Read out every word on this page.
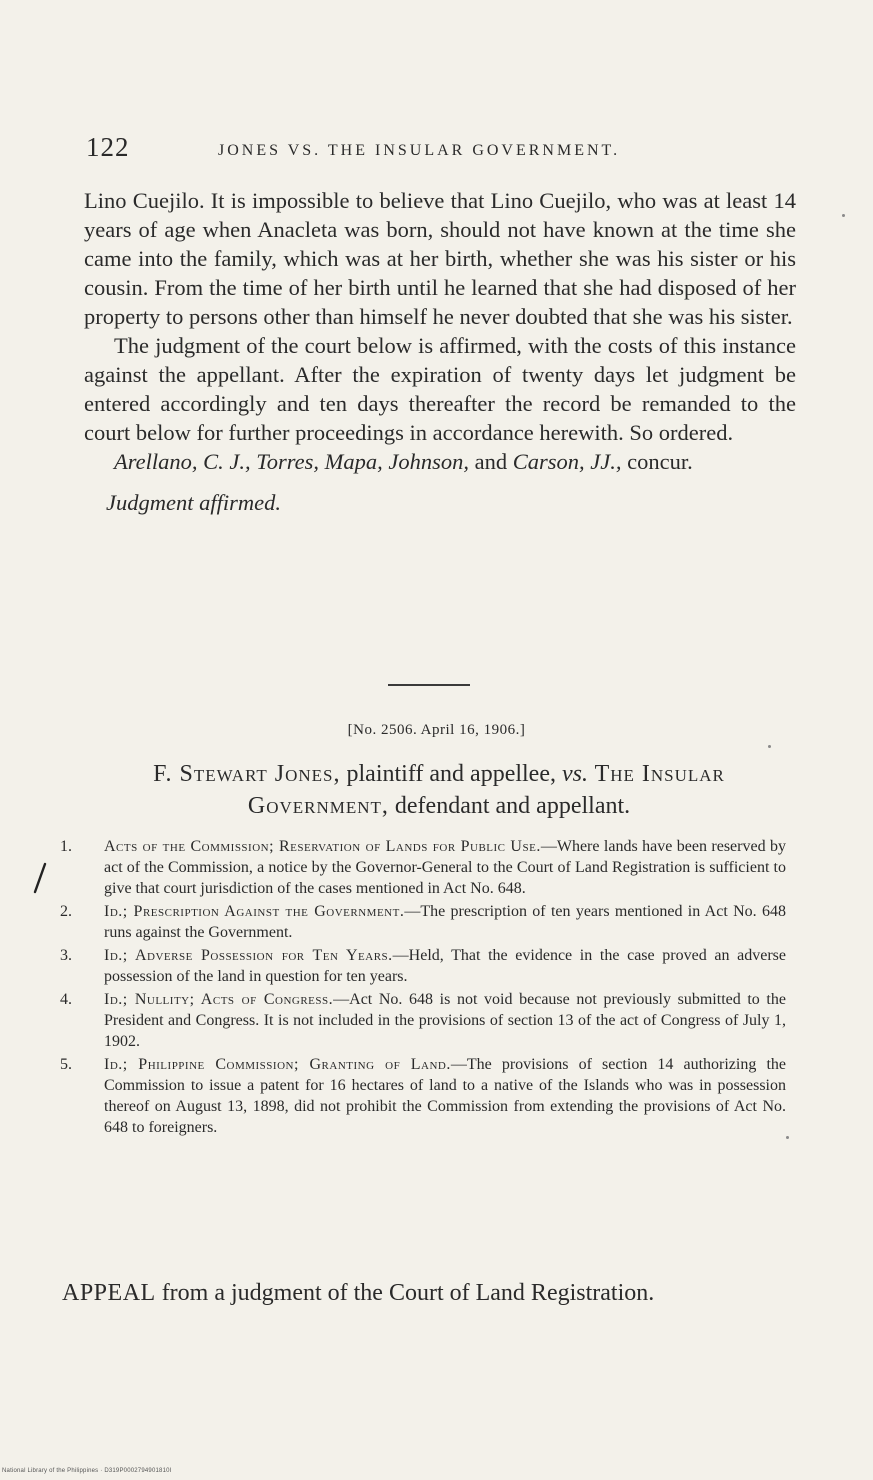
122	JONES VS. THE INSULAR GOVERNMENT.

Lino Cuejilo. It is impossible to believe that Lino Cuejilo, who was at least 14 years of age when Anacleta was born, should not have known at the time she came into the family, which was at her birth, whether she was his sister or his cousin. From the time of her birth until he learned that she had disposed of her property to persons other than himself he never doubted that she was his sister.

The judgment of the court below is affirmed, with the costs of this instance against the appellant. After the expiration of twenty days let judgment be entered accordingly and ten days thereafter the record be remanded to the court below for further proceedings in accordance herewith. So ordered.

Arellano, C. J., Torres, Mapa, Johnson, and Carson, JJ., concur.

Judgment affirmed.

[No. 2506. April 16, 1906.]
F. Stewart Jones, plaintiff and appellee, vs. The Insular Government, defendant and appellant.
1. Acts of the Commission; Reservation of Lands for Public Use.—Where lands have been reserved by act of the Commission, a notice by the Governor-General to the Court of Land Registration is sufficient to give that court jurisdiction of the cases mentioned in Act No. 648.
2. Id.; Prescription Against the Government.—The prescription of ten years mentioned in Act No. 648 runs against the Government.
3. Id.; Adverse Possession for Ten Years.—Held, That the evidence in the case proved an adverse possession of the land in question for ten years.
4. Id.; Nullity; Acts of Congress.—Act No. 648 is not void because not previously submitted to the President and Congress. It is not included in the provisions of section 13 of the act of Congress of July 1, 1902.
5. Id.; Philippine Commission; Granting of Land.—The provisions of section 14 authorizing the Commission to issue a patent for 16 hectares of land to a native of the Islands who was in possession thereof on August 13, 1898, did not prohibit the Commission from extending the provisions of Act No. 648 to foreigners.
APPEAL from a judgment of the Court of Land Registration.
National Library of the Philippines · D319P0002794901810I
